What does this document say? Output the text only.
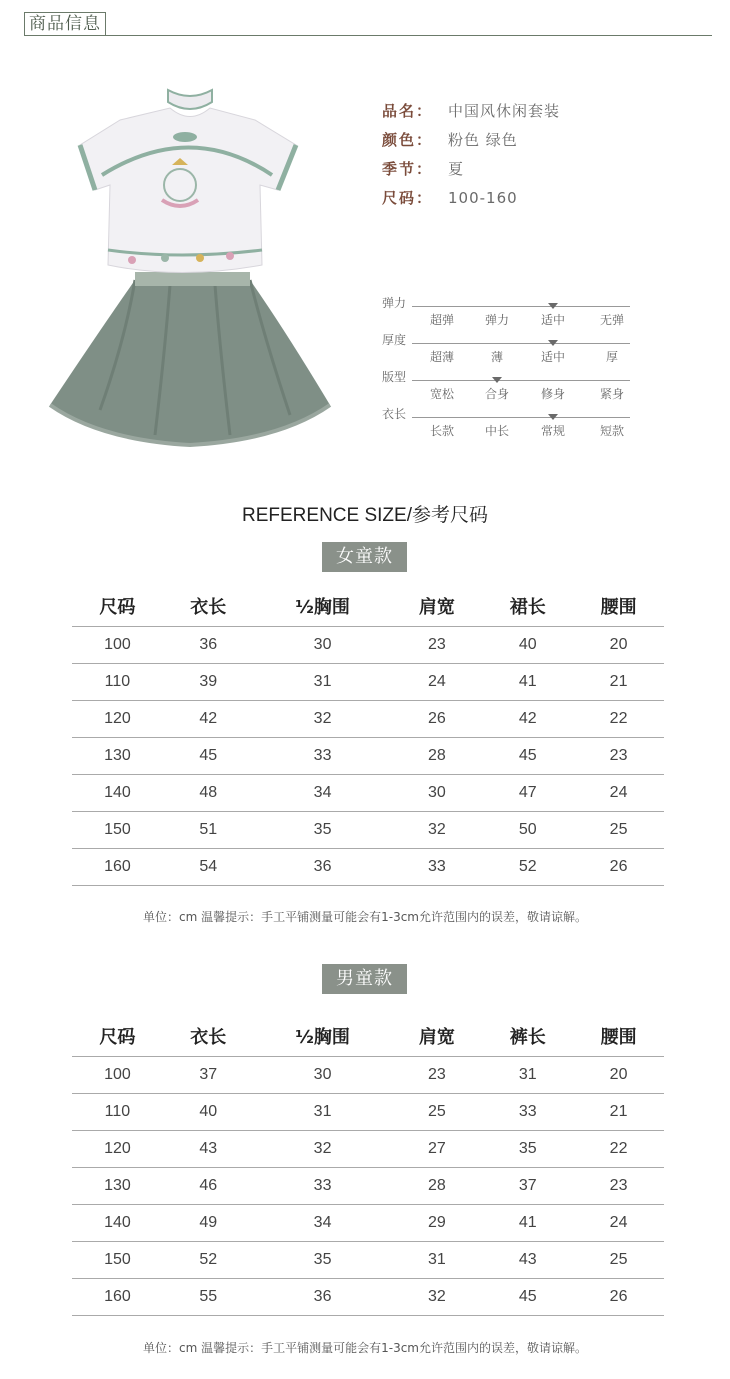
商品信息
品名： 中国风休闲套装
颜色： 粉色 绿色
季节： 夏
尺码： 100-160
弹力
超弹	弹力	适中	无弹
厚度
超薄	薄	适中	厚
版型
宽松	合身	修身	紧身
衣长
长款	中长	常规	短款
REFERENCE SIZE/参考尺码
女童款
尺码	衣长	½胸围	肩宽	裙长	腰围
100	36	30	23	40	20
110	39	31	24	41	21
120	42	32	26	42	22
130	45	33	28	45	23
140	48	34	30	47	24
150	51	35	32	50	25
160	54	36	33	52	26
单位：cm 温馨提示：手工平铺测量可能会有1-3cm允许范围内的误差，敬请谅解。
男童款
尺码	衣长	½胸围	肩宽	裤长	腰围
100	37	30	23	31	20
110	40	31	25	33	21
120	43	32	27	35	22
130	46	33	28	37	23
140	49	34	29	41	24
150	52	35	31	43	25
160	55	36	32	45	26
单位：cm 温馨提示：手工平铺测量可能会有1-3cm允许范围内的误差，敬请谅解。
